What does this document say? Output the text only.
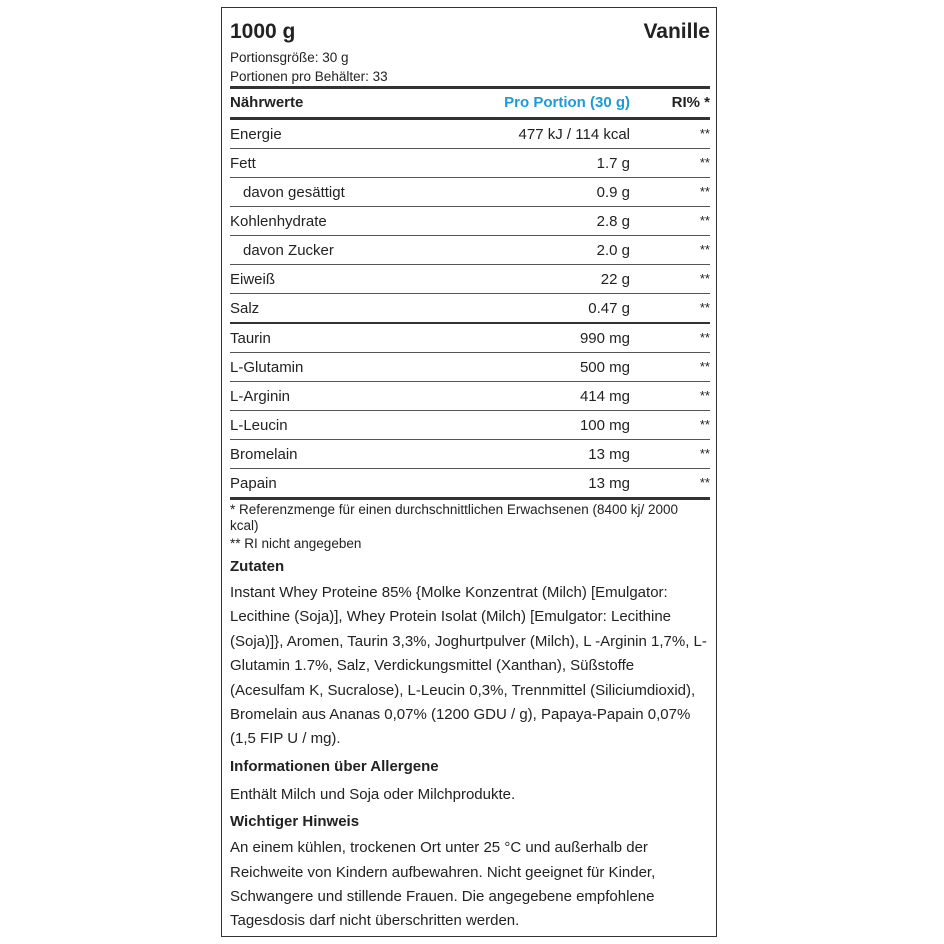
1000 g	Vanille
Portionsgröße: 30 g
Portionen pro Behälter: 33
Nährwerte	Pro Portion (30 g)	RI% *
Energie	477 kJ / 114 kcal	**
Fett	1.7 g	**
davon gesättigt	0.9 g	**
Kohlenhydrate	2.8 g	**
davon Zucker	2.0 g	**
Eiweiß	22 g	**
Salz	0.47 g	**
Taurin	990 mg	**
L-Glutamin	500 mg	**
L-Arginin	414 mg	**
L-Leucin	100 mg	**
Bromelain	13 mg	**
Papain	13 mg	**
* Referenzmenge für einen durchschnittlichen Erwachsenen (8400 kj/ 2000 kcal)
** RI nicht angegeben
Zutaten
Instant Whey Proteine 85% {Molke Konzentrat (Milch) [Emulgator: Lecithine (Soja)], Whey Protein Isolat (Milch) [Emulgator: Lecithine (Soja)]}, Aromen, Taurin 3,3%, Joghurtpulver (Milch), L -Arginin 1,7%, L-Glutamin 1.7%, Salz, Verdickungsmittel (Xanthan), Süßstoffe (Acesulfam K, Sucralose), L-Leucin 0,3%, Trennmittel (Siliciumdioxid), Bromelain aus Ananas 0,07% (1200 GDU / g), Papaya-Papain 0,07% (1,5 FIP U / mg).
Informationen über Allergene
Enthält Milch und Soja oder Milchprodukte.
Wichtiger Hinweis
An einem kühlen, trockenen Ort unter 25 °C und außerhalb der Reichweite von Kindern aufbewahren. Nicht geeignet für Kinder, Schwangere und stillende Frauen. Die angegebene empfohlene Tagesdosis darf nicht überschritten werden.
